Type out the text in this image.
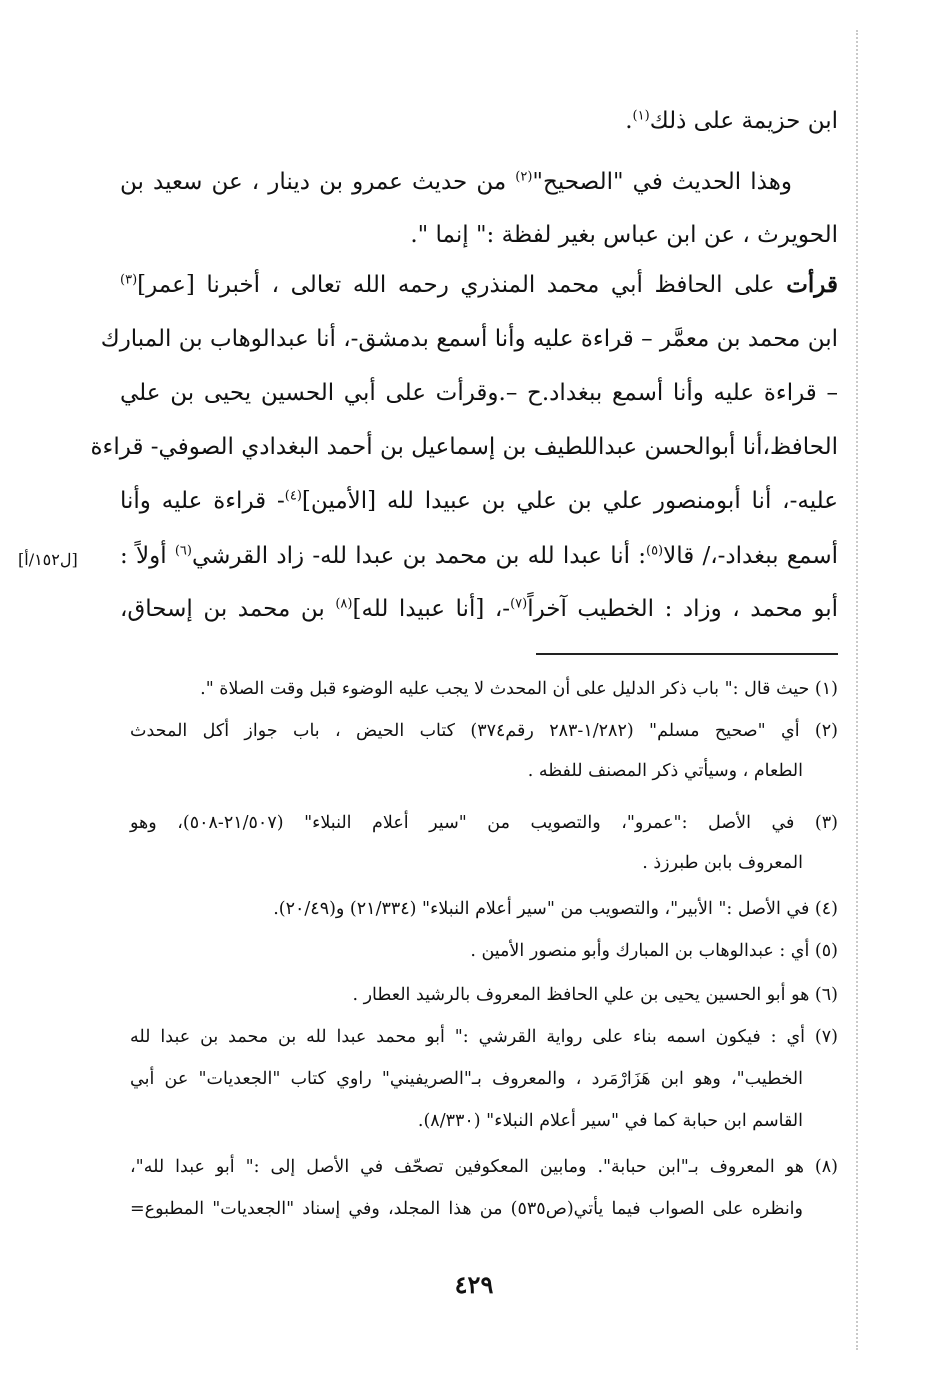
ابن حزيمة على ذلك$^{(١)}$.
  وهذا الحديث في "الصحيح"$^{(٢)}$ من حديث عمرو بن دينار ، عن سعيد بن
الحويرث ، عن ابن عباس بغير لفظة :" إنما ".
قرأت على الحافظ أبي محمد المنذري رحمه الله تعالى ، أخبرنا [عمر]$^{(٣)}$
ابن محمد بن معمَّر – قراءة عليه وأنا أسمع بدمشق-، أنا عبدالوهاب بن المبارك
– قراءة عليه وأنا أسمع ببغداد.ح –.وقرأت على أبي الحسين يحيى بن علي
الحافظ،أنا أبوالحسن عبداللطيف بن إسماعيل بن أحمد البغدادي الصوفي- قراءة
عليه-، أنا أبومنصور علي بن علي بن عبيدا لله [الأمين]$^{(٤)}$- قراءة عليه وأنا
أسمع ببغداد-،/ قالا$^{(٥)}$: أنا عبدا لله بن محمد بن عبدا لله- زاد القرشي$^{(٦)}$ أولاً :
[ل١٥٢/أ]
أبو محمد ، وزاد : الخطيب آخراً$^{(٧)}$-، [أنا عبيدا لله]$^{(٨)}$ بن محمد بن إسحاق،
(١) حيث قال :" باب ذكر الدليل على أن المحدث لا يجب عليه الوضوء قبل وقت الصلاة ".
(٢) أي "صحيح مسلم" (١/٢٨٢-٢٨٣ رقم٣٧٤) كتاب الحيض ، باب جواز أكل المحدث
الطعام ، وسيأتي ذكر المصنف للفظه .
(٣) في الأصل :"عمرو"، والتصويب من "سير أعلام النبلاء" (٢١/٥٠٧-٥٠٨)، وهو
المعروف بابن طبرزذ .
(٤) في الأصل :" الأبير"، والتصويب من "سير أعلام النبلاء" (٢١/٣٣٤) و(٢٠/٤٩).
(٥) أي : عبدالوهاب بن المبارك وأبو منصور الأمين .
(٦) هو أبو الحسين يحيى بن علي الحافظ المعروف بالرشيد العطار .
(٧) أي : فيكون اسمه بناء على رواية القرشي :" أبو محمد عبدا لله بن محمد بن عبدا لله
الخطيب"، وهو ابن هَزَارْمَرد ، والمعروف بـ"الصريفيني" راوي كتاب "الجعديات" عن أبي
القاسم ابن حبابة كما في "سير أعلام النبلاء" (٨/٣٣٠).
(٨) هو المعروف بـ"ابن حبابة". ومابين المعكوفين تصحّف في الأصل إلى :" أبو عبدا لله"،
وانظره على الصواب فيما يأتي(ص٥٣٥) من هذا المجلد، وفي إسناد "الجعديات" المطبوع=
٤٢٩
